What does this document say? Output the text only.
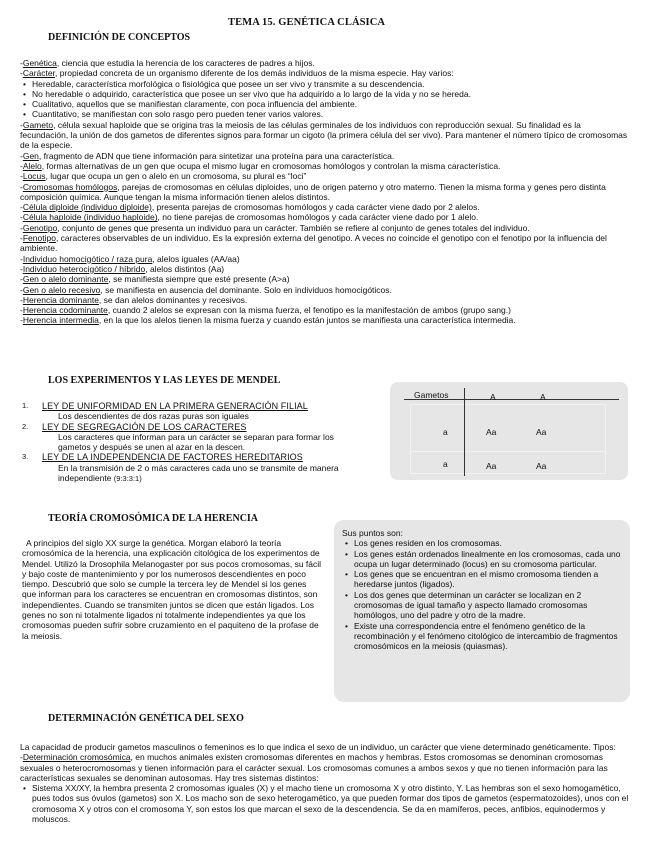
TEMA 15. GENÉTICA CLÁSICA
DEFINICIÓN DE CONCEPTOS

-Genética, ciencia que estudia la herencia de los caracteres de padres a hijos.

-Carácter, propiedad concreta de un organismo diferente de los demás individuos de la misma especie. Hay varios:

• Heredable, característica morfológica o fisiológica que posee un ser vivo y transmite a su descendencia.
• No heredable o adquirido, característica que posee un ser vivo que ha adquirido a lo largo de la vida y no se hereda.
• Cualitativo, aquellos que se manifiestan claramente, con poca influencia del ambiente.
• Cuantitativo, se manifiestan con solo rasgo pero pueden tener varios valores.

-Gameto, célula sexual haploide que se origina tras la meiosis de las células germinales de los individuos con reproducción sexual. Su finalidad es la fecundación, la unión de dos gametos de diferentes signos para formar un cigoto (la primera célula del ser vivo). Para mantener el número típico de cromosomas de la especie.

-Gen, fragmento de ADN que tiene información para sintetizar una proteína para una característica.

-Alelo, formas alternativas de un gen que ocupa el mismo lugar en cromosomas homólogos y controlan la misma característica.

-Locus, lugar que ocupa un gen o alelo en un cromosoma, su plural es “loci”

-Cromosomas homólogos, parejas de cromosomas en células diploides, uno de origen paterno y otro materno. Tienen la misma forma y genes pero distinta composición química. Aunque tengan la misma información tienen alelos distintos.

-Célula diploide (individuo diploide), presenta parejas de cromosomas homólogos y cada carácter viene dado por 2 alelos.

-Célula haploide (individuo haploide), no tiene parejas de cromosomas homólogos y cada carácter viene dado por 1 alelo.

-Genotipo, conjunto de genes que presenta un individuo para un carácter. También se refiere al conjunto de genes totales del individuo.

-Fenotipo, caracteres observables de un individuo. Es la expresión externa del genotipo. A veces no coincide el genotipo con el fenotipo por la influencia del ambiente.

-Individuo homocigótico / raza pura, alelos iguales (AA/aa)

-Individuo heterocigótico / híbrido, alelos distintos (Aa)

-Gen o alelo dominante, se manifiesta siempre que esté presente (A>a)

-Gen o alelo recesivo, se manifiesta en ausencia del dominante. Solo en individuos homocigóticos.

-Herencia dominante, se dan alelos dominantes y recesivos.

-Herencia codominante, cuando 2 alelos se expresan con la misma fuerza, el fenotipo es la manifestación de ambos (grupo sang.)

-Herencia intermedia, en la que los alelos tienen la misma fuerza y cuando están juntos se manifiesta una característica intermedia.

LOS EXPERIMENTOS Y LAS LEYES DE MENDEL
1. LEY DE UNIFORMIDAD EN LA PRIMERA GENERACIÓN FILIAL
Los descendientes de dos razas puras son iguales
2. LEY DE SEGREGACIÓN DE LOS CARACTERES
Los caracteres que informan para un carácter se separan para formar los gametos y después se unen al azar en la descen.
3. LEY DE LA INDEPENDENCIA DE FACTORES HEREDITARIOS
En la transmisión de 2 o más caracteres cada uno se transmite de manera independiente (9:3:3:1)
Gametos	A	A
a	Aa	Aa
a	Aa	Aa
TEORÍA CROMOSÓMICA DE LA HERENCIA
A principios del siglo XX surge la genética. Morgan elaboró la teoría cromosómica de la herencia, una explicación citológica de los experimentos de Mendel. Utilizó la Drosophila Melanogaster por sus pocos cromosomas, su fácil y bajo coste de mantenimiento y por los numerosos descendientes en poco tiempo. Descubrió que solo se cumple la tercera ley de Mendel si los genes que informan para los caracteres se encuentran en cromosomas distintos, son independientes. Cuando se transmiten juntos se dicen que están ligados. Los genes no son ni totalmente ligados ni totalmente independientes ya que los cromosomas pueden sufrir sobre cruzamiento en el paquiteno de la profase de la meiosis.
Sus puntos son:
• Los genes residen en los cromosomas.
• Los genes están ordenados linealmente en los cromosomas, cada uno ocupa un lugar determinado (locus) en su cromosoma particular.
• Los genes que se encuentran en el mismo cromosoma tienden a heredarse juntos (ligados).
• Los dos genes que determinan un carácter se localizan en 2 cromosomas de igual tamaño y aspecto llamado cromosomas homólogos, uno del padre y otro de la madre.
• Existe una correspondencia entre el fenómeno genético de la recombinación y el fenómeno citológico de intercambio de fragmentos cromosómicos en la meiosis (quiasmas).
DETERMINACIÓN GENÉTICA DEL SEXO

La capacidad de producir gametos masculinos o femeninos es lo que indica el sexo de un individuo, un carácter que viene determinado genéticamente. Tipos:

-Determinación cromosómica, en muchos animales existen cromosomas diferentes en machos y hembras. Estos cromosomas se denominan cromosomas sexuales o heterocromosomas y tienen información para el carácter sexual. Los cromosomas comunes a ambos sexos y que no tienen información para las características sexuales se denominan autosomas. Hay tres sistemas distintos:

• Sistema XX/XY, la hembra presenta 2 cromosomas iguales (X) y el macho tiene un cromosoma X y otro distinto, Y. Las hembras son el sexo homogamético, pues todos sus óvulos (gametos) son X. Los macho son de sexo heterogamético, ya que pueden formar dos tipos de gametos (espermatozoides), unos con el cromosoma X y otros con el cromosoma Y, son estos los que marcan el sexo de la descendencia. Se da en mamíferos, peces, anfibios, equinodermos y moluscos.
